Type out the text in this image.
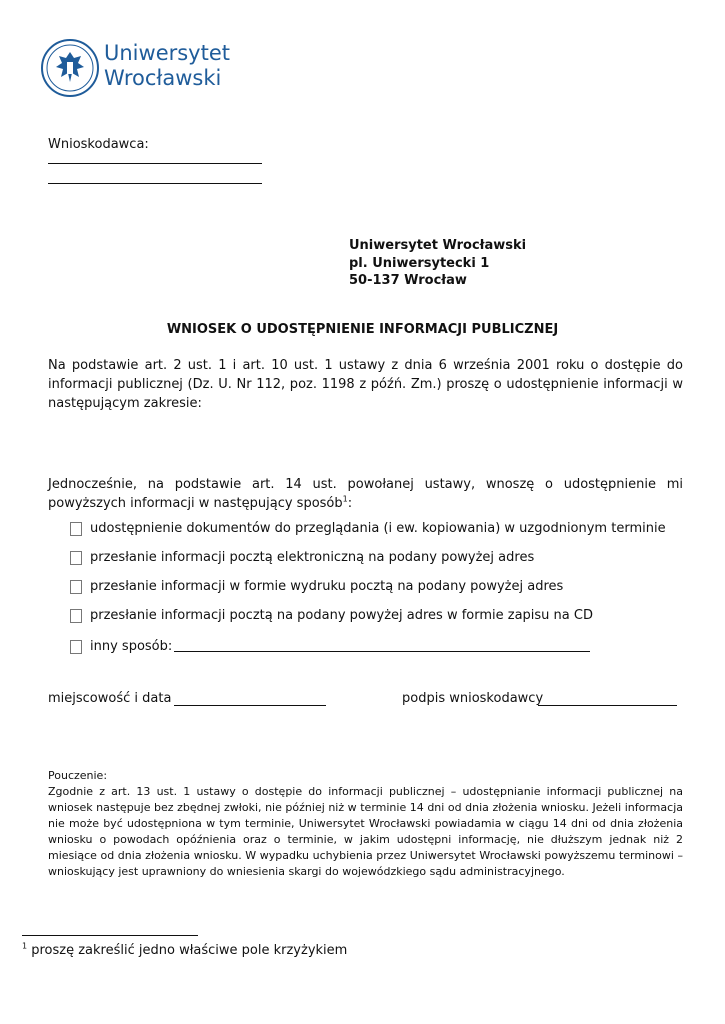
Uniwersytet
Wrocławski
Wnioskodawca:
Uniwersytet Wrocławski
pl. Uniwersytecki 1
50-137 Wrocław
WNIOSEK O UDOSTĘPNIENIE INFORMACJI PUBLICZNEJ
Na podstawie art. 2 ust. 1 i art. 10 ust. 1 ustawy z dnia 6 września 2001 roku o dostępie do informacji publicznej (Dz. U. Nr 112, poz. 1198 z późń. Zm.) proszę o udostępnienie informacji w następującym zakresie:
Jednocześnie, na podstawie art. 14 ust. powołanej ustawy, wnoszę o udostępnienie mi powyższych informacji w następujący sposób$^1$:
udostępnienie dokumentów do przeglądania (i ew. kopiowania) w uzgodnionym terminie
przesłanie informacji pocztą elektroniczną na podany powyżej adres
przesłanie informacji w formie wydruku pocztą na podany powyżej adres
przesłanie informacji pocztą na podany powyżej adres w formie zapisu na CD
inny sposób:
miejscowość i data	podpis wnioskodawcy
Pouczenie:
Zgodnie z art. 13 ust. 1 ustawy o dostępie do informacji publicznej – udostępnianie informacji publicznej na wniosek następuje bez zbędnej zwłoki, nie później niż w terminie 14 dni od dnia złożenia wniosku. Jeżeli informacja nie może być udostępniona w tym terminie, Uniwersytet Wrocławski powiadamia w ciągu 14 dni od dnia złożenia wniosku o powodach opóźnienia oraz o terminie, w jakim udostępni informację, nie dłuższym jednak niż 2 miesiące od dnia złożenia wniosku. W wypadku uchybienia przez Uniwersytet Wrocławski powyższemu terminowi – wnioskujący jest uprawniony do wniesienia skargi do wojewódzkiego sądu administracyjnego.
$^1$ proszę zakreślić jedno właściwe pole krzyżykiem
